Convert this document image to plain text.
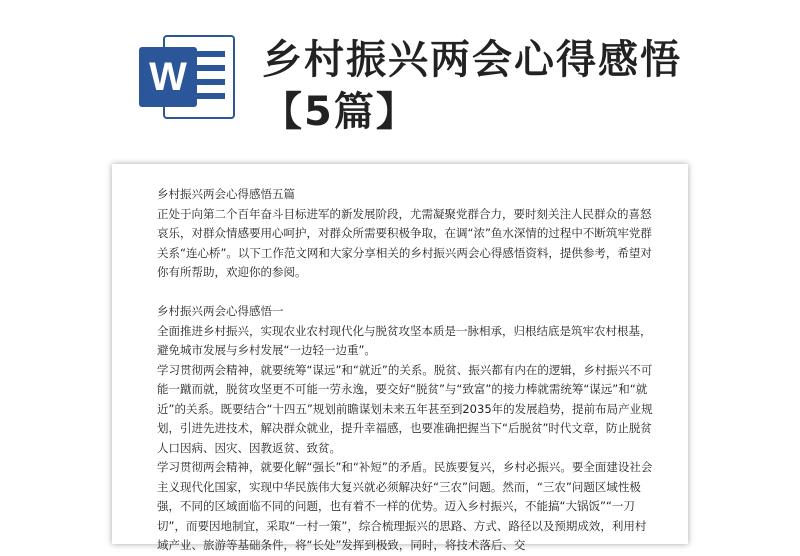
W 乡村振兴两会心得感悟【5篇】

乡村振兴两会心得感悟五篇

正处于向第二个百年奋斗目标进军的新发展阶段，尤需凝聚党群合力，要时刻关注人民群众的喜怒哀乐，对群众情感要用心呵护，对群众所需要积极争取，在调“浓”鱼水深情的过程中不断筑牢党群关系“连心桥”。以下工作范文网和大家分享相关的乡村振兴两会心得感悟资料，提供参考，希望对你有所帮助，欢迎你的参阅。

乡村振兴两会心得感悟一

全面推进乡村振兴，实现农业农村现代化与脱贫攻坚本质是一脉相承，归根结底是筑牢农村根基，避免城市发展与乡村发展“一边轻一边重”。

学习贯彻两会精神，就要统筹“谋远”和“就近”的关系。脱贫、振兴都有内在的逻辑，乡村振兴不可能一蹴而就，脱贫攻坚更不可能一劳永逸，要交好“脱贫”与“致富”的接力棒就需统筹“谋远”和“就近”的关系。既要结合“十四五”规划前瞻谋划未来五年甚至到2035年的发展趋势，提前布局产业规划，引进先进技术，解决群众就业，提升幸福感，也要准确把握当下“后脱贫”时代文章，防止脱贫人口因病、因灾、因教返贫、致贫。

学习贯彻两会精神，就要化解“强长”和“补短”的矛盾。民族要复兴，乡村必振兴。要全面建设社会主义现代化国家，实现中华民族伟大复兴就必须解决好“三农”问题。然而，“三农”问题区域性极强，不同的区域面临不同的问题，也有着不一样的优势。迈入乡村振兴，不能搞“大锅饭”“一刀切”，而要因地制宜，采取“一村一策”，综合梳理振兴的思路、方式、路径以及预期成效，利用村域产业、旅游等基础条件，将“长处”发挥到极致，同时，将技术落后、交
